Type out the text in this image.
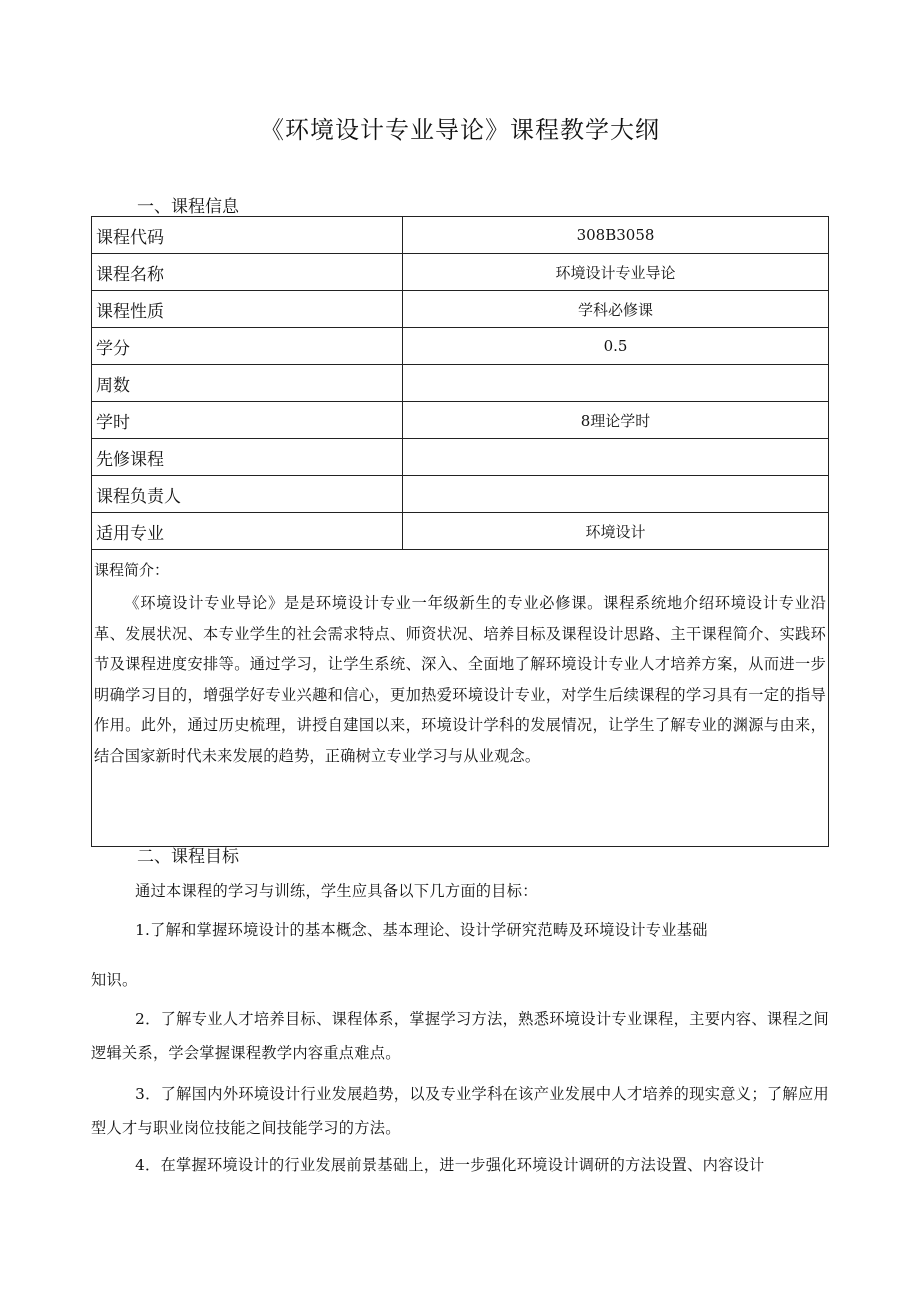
《环境设计专业导论》课程教学大纲
一、课程信息
课程代码	308B3058
课程名称	环境设计专业导论
课程性质	学科必修课
学分	0.5
周数	
学时	8理论学时
先修课程	
课程负责人	
适用专业	环境设计

课程简介：
《环境设计专业导论》是是环境设计专业一年级新生的专业必修课。课程系统地介绍环境设计专业沿革、发展状况、本专业学生的社会需求特点、师资状况、培养目标及课程设计思路、主干课程简介、实践环节及课程进度安排等。通过学习，让学生系统、深入、全面地了解环境设计专业人才培养方案，从而进一步明确学习目的，增强学好专业兴趣和信心，更加热爱环境设计专业，对学生后续课程的学习具有一定的指导作用。此外，通过历史梳理，讲授自建国以来，环境设计学科的发展情况，让学生了解专业的渊源与由来，结合国家新时代未来发展的趋势，正确树立专业学习与从业观念。	
二、课程目标
通过本课程的学习与训练，学生应具备以下几方面的目标：
1.了解和掌握环境设计的基本概念、基本理论、设计学研究范畴及环境设计专业基础
知识。
2．了解专业人才培养目标、课程体系，掌握学习方法，熟悉环境设计专业课程，主要内容、课程之间逻辑关系，学会掌握课程教学内容重点难点。
3．了解国内外环境设计行业发展趋势，以及专业学科在该产业发展中人才培养的现实意义；了解应用型人才与职业岗位技能之间技能学习的方法。
4．在掌握环境设计的行业发展前景基础上，进一步强化环境设计调研的方法设置、内容设计
